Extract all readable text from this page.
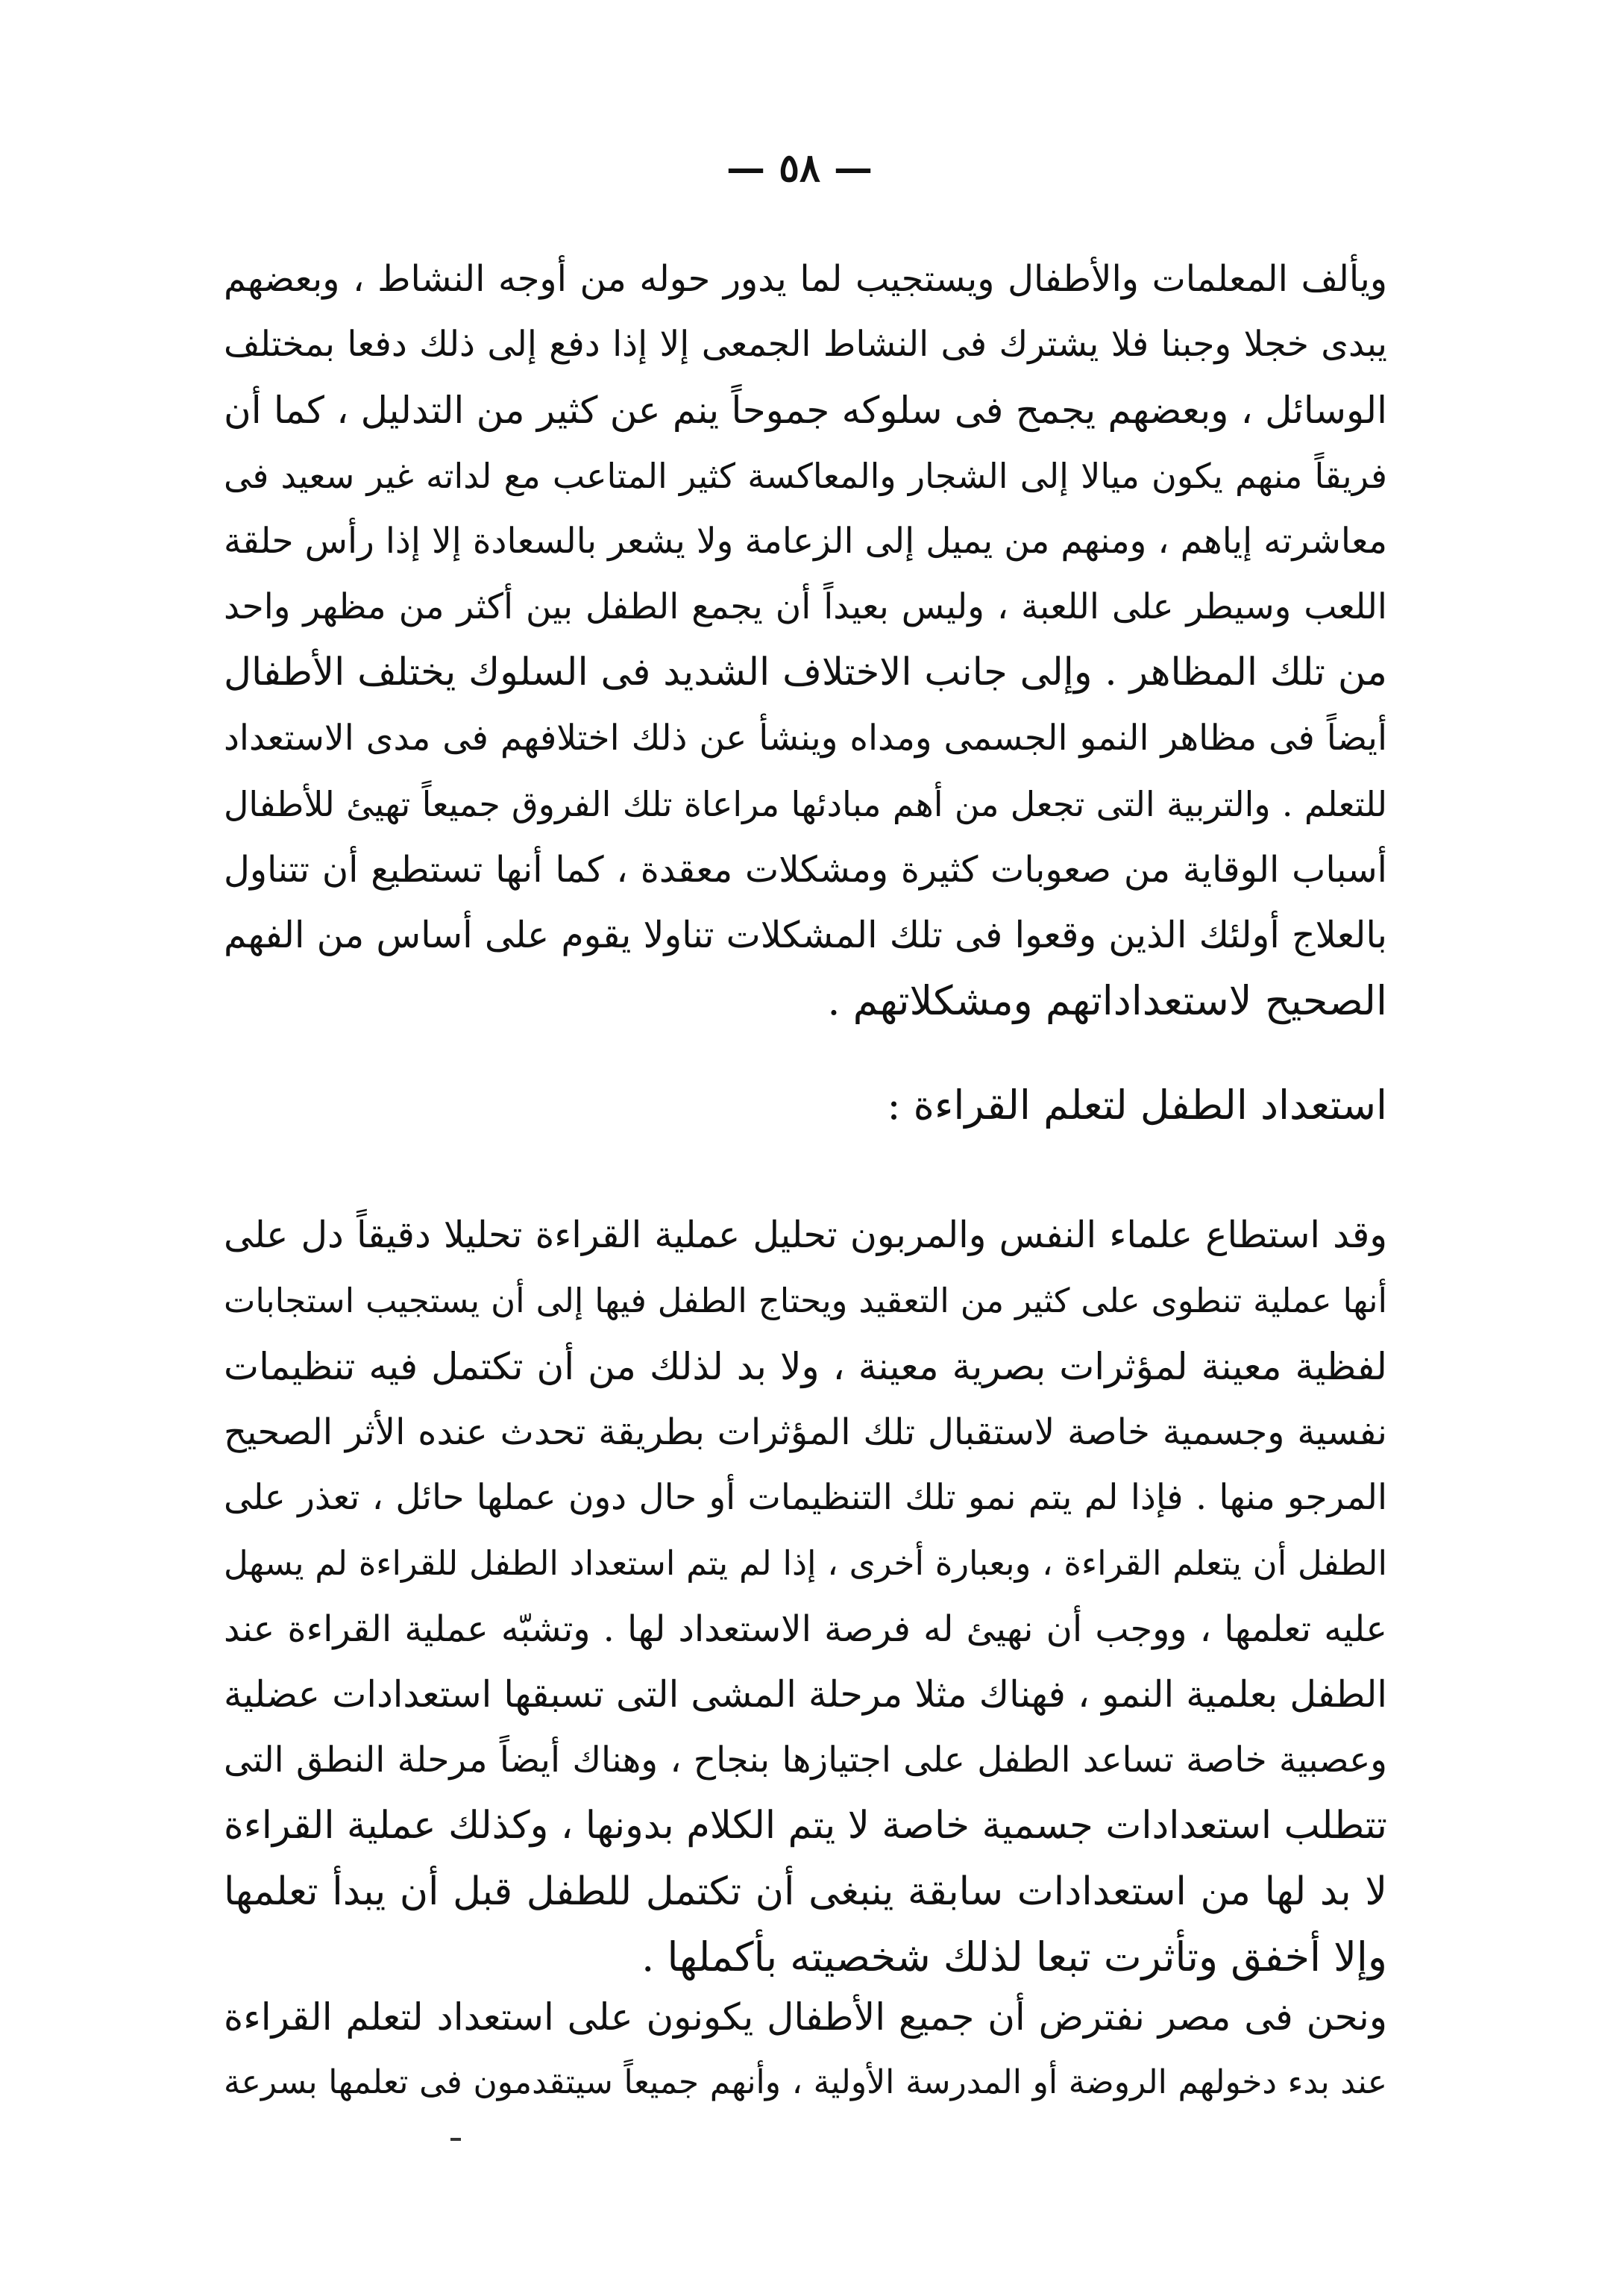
— ٥٨ —
ويألف المعلمات والأطفال ويستجيب لما يدور حوله من أوجه النشاط ، وبعضهم
يبدى خجلا وجبنا فلا يشترك فى النشاط الجمعى إلا إذا دفع إلى ذلك دفعا بمختلف
الوسائل ، وبعضهم يجمح فى سلوكه جموحاً ينم عن كثير من التدليل ، كما أن
فريقاً منهم يكون ميالا إلى الشجار والمعاكسة كثير المتاعب مع لداته غير سعيد فى
معاشرته إياهم ، ومنهم من يميل إلى الزعامة ولا يشعر بالسعادة إلا إذا رأس حلقة
اللعب وسيطر على اللعبة ، وليس بعيداً أن يجمع الطفل بين أكثر من مظهر واحد
من تلك المظاهر . وإلى جانب الاختلاف الشديد فى السلوك يختلف الأطفال
أيضاً فى مظاهر النمو الجسمى ومداه وينشأ عن ذلك اختلافهم فى مدى الاستعداد
للتعلم . والتربية التى تجعل من أهم مبادئها مراعاة تلك الفروق جميعاً تهيئ للأطفال
أسباب الوقاية من صعوبات كثيرة ومشكلات معقدة ، كما أنها تستطيع أن تتناول
بالعلاج أولئك الذين وقعوا فى تلك المشكلات تناولا يقوم على أساس من الفهم
الصحيح لاستعداداتهم ومشكلاتهم .
استعداد الطفل لتعلم القراءة :
وقد استطاع علماء النفس والمربون تحليل عملية القراءة تحليلا دقيقاً دل على
أنها عملية تنطوى على كثير من التعقيد ويحتاج الطفل فيها إلى أن يستجيب استجابات
لفظية معينة لمؤثرات بصرية معينة ، ولا بد لذلك من أن تكتمل فيه تنظيمات
نفسية وجسمية خاصة لاستقبال تلك المؤثرات بطريقة تحدث عنده الأثر الصحيح
المرجو منها . فإذا لم يتم نمو تلك التنظيمات أو حال دون عملها حائل ، تعذر على
الطفل أن يتعلم القراءة ، وبعبارة أخرى ، إذا لم يتم استعداد الطفل للقراءة لم يسهل
عليه تعلمها ، ووجب أن نهيئ له فرصة الاستعداد لها . وتشبّه عملية القراءة عند
الطفل بعلمية النمو ، فهناك مثلا مرحلة المشى التى تسبقها استعدادات عضلية
وعصبية خاصة تساعد الطفل على اجتيازها بنجاح ، وهناك أيضاً مرحلة النطق التى
تتطلب استعدادات جسمية خاصة لا يتم الكلام بدونها ، وكذلك عملية القراءة
لا بد لها من استعدادات سابقة ينبغى أن تكتمل للطفل قبل أن يبدأ تعلمها
وإلا أخفق وتأثرت تبعا لذلك شخصيته بأكملها .
ونحن فى مصر نفترض أن جميع الأطفال يكونون على استعداد لتعلم القراءة
عند بدء دخولهم الروضة أو المدرسة الأولية ، وأنهم جميعاً سيتقدمون فى تعلمها بسرعة
